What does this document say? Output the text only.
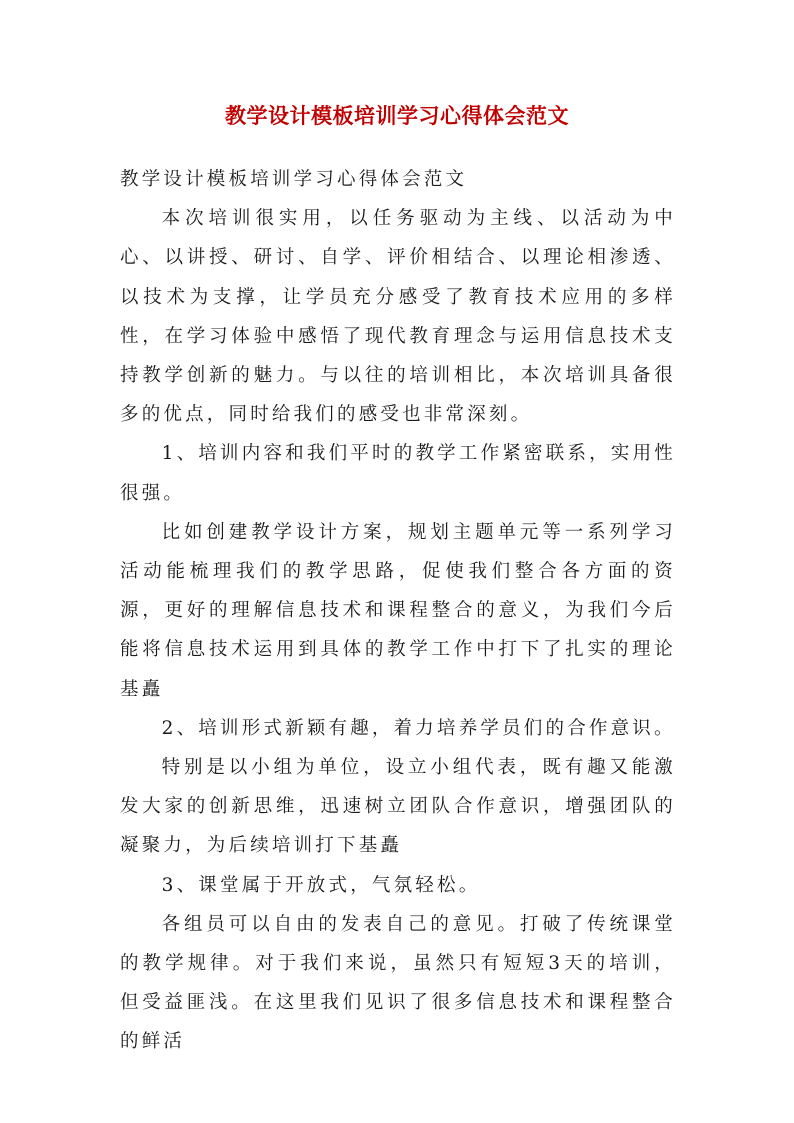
教学设计模板培训学习心得体会范文

教学设计模板培训学习心得体会范文

本次培训很实用，以任务驱动为主线、以活动为中心、以讲授、研讨、自学、评价相结合、以理论相渗透、以技术为支撑，让学员充分感受了教育技术应用的多样性，在学习体验中感悟了现代教育理念与运用信息技术支持教学创新的魅力。与以往的培训相比，本次培训具备很多的优点，同时给我们的感受也非常深刻。

1、培训内容和我们平时的教学工作紧密联系，实用性很强。

比如创建教学设计方案，规划主题单元等一系列学习活动能梳理我们的教学思路，促使我们整合各方面的资源，更好的理解信息技术和课程整合的意义，为我们今后能将信息技术运用到具体的教学工作中打下了扎实的理论基矗

2、培训形式新颖有趣，着力培养学员们的合作意识。

特别是以小组为单位，设立小组代表，既有趣又能激发大家的创新思维，迅速树立团队合作意识，增强团队的凝聚力，为后续培训打下基矗

3、课堂属于开放式，气氛轻松。

各组员可以自由的发表自己的意见。打破了传统课堂的教学规律。对于我们来说，虽然只有短短3天的培训，但受益匪浅。在这里我们见识了很多信息技术和课程整合的鲜活
